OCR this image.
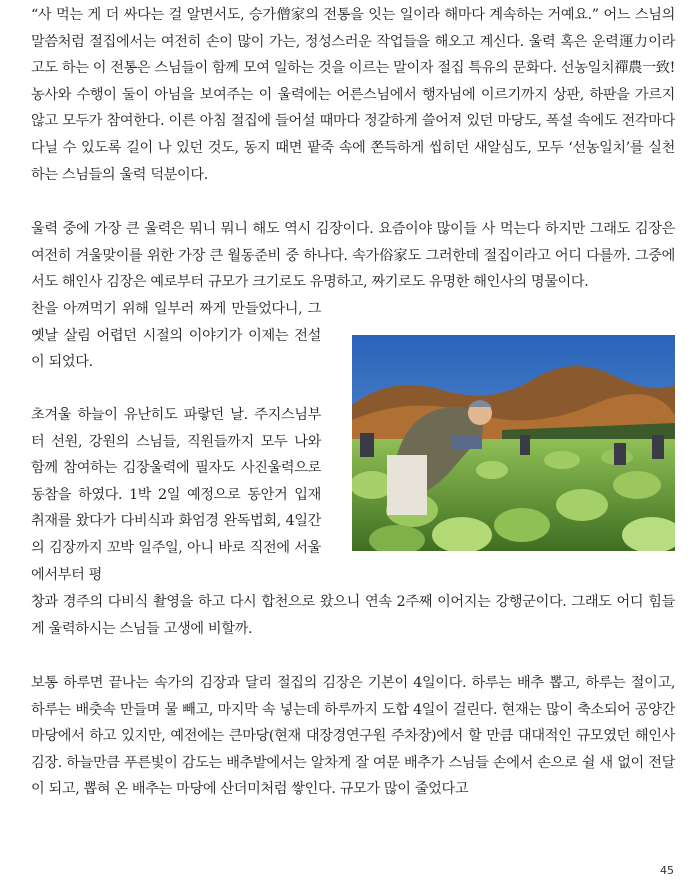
“사 먹는 게 더 싸다는 걸 알면서도, 승가僧家의 전통을 잇는 일이라 해마다 계속하는 거예요.” 어느 스님의 말씀처럼 절집에서는 여전히 손이 많이 가는, 정성스러운 작업들을 해오고 계신다. 울력 혹은 운력運力이라고도 하는 이 전통은 스님들이 함께 모여 일하는 것을 이르는 말이자 절집 특유의 문화다. 선농일치禪農一致! 농사와 수행이 둘이 아님을 보여주는 이 울력에는 어른스님에서 행자님에 이르기까지 상판, 하판을 가르지 않고 모두가 참여한다. 이른 아침 절집에 들어설 때마다 정갈하게 쓸어져 있던 마당도, 폭설 속에도 전각마다 다닐 수 있도록 길이 나 있던 것도, 동지 때면 팥죽 속에 쫀득하게 씹히던 새알심도, 모두 ‘선농일치’를 실천하는 스님들의 울력 덕분이다.

울력 중에 가장 큰 울력은 뭐니 뭐니 해도 역시 김장이다. 요즘이야 많이들 사 먹는다 하지만 그래도 김장은 여전히 겨울맞이를 위한 가장 큰 월동준비 중 하나다. 속가俗家도 그러한데 절집이라고 어디 다를까. 그중에서도 해인사 김장은 예로부터 규모가 크기로도 유명하고, 짜기로도 유명한 해인사의 명물이다.

찬을 아껴먹기 위해 일부러 짜게 만들었다니, 그 옛날 살림 어렵던 시절의 이야기가 이제는 전설이 되었다.

초겨울 하늘이 유난히도 파랗던 날. 주지스님부터 선원, 강원의 스님들, 직원들까지 모두 나와 함께 참여하는 김장울력에 필자도 사진울력으로 동참을 하였다. 1박 2일 예정으로 동안거 입재 취재를 왔다가 다비식과 화엄경 완독법회, 4일간의 김장까지 꼬박 일주일, 아니 바로 직전에 서울에서부터 평

창과 경주의 다비식 촬영을 하고 다시 합천으로 왔으니 연속 2주째 이어지는 강행군이다. 그래도 어디 힘들게 울력하시는 스님들 고생에 비할까.

보통 하루면 끝나는 속가의 김장과 달리 절집의 김장은 기본이 4일이다. 하루는 배추 뽑고, 하루는 절이고, 하루는 배춧속 만들며 물 빼고, 마지막 속 넣는데 하루까지 도합 4일이 걸린다. 현재는 많이 축소되어 공양간 마당에서 하고 있지만, 예전에는 큰마당(현재 대장경연구원 주차장)에서 할 만큼 대대적인 규모였던 해인사 김장. 하늘만큼 푸른빛이 감도는 배추밭에서는 알차게 잘 여문 배추가 스님들 손에서 손으로 쉴 새 없이 전달이 되고, 뽑혀 온 배추는 마당에 산더미처럼 쌓인다. 규모가 많이 줄었다고

45
